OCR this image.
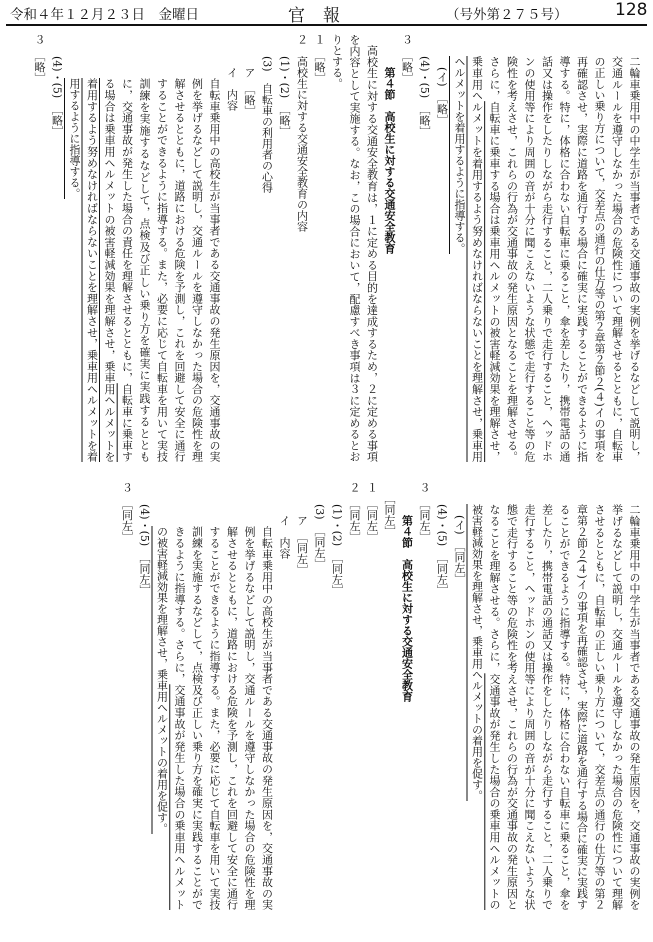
令和４年１２月２３日　金曜日	官報	（号外第２７５号）	128

二輪車乗用中の中学生が当事者である交通事故の実例を挙げるなどして説明し，交通ルールを遵守しなかった場合の危険性について理解させるとともに，自転車の正しい乗り方について，交差点の通行の仕方等の第２章第２節２(４)イの事項を再確認させ，実際に道路を通行する場合に確実に実践することができるように指導する。特に，体格に合わない自転車に乗ること，傘を差したり，携帯電話の通話又は操作をしたりしながら走行すること，二人乗りで走行すること，ヘッドホンの使用等により周囲の音が十分に聞こえないような状態で走行すること等の危険性を考えさせ，これらの行為が交通事故の発生原因となることを理解させる。さらに，自転車に乗車する場合は乗車用ヘルメットの被害軽減効果を理解させ，乗車用ヘルメットを着用するよう努めなければならないことを理解させ，乗車用ヘルメットを着用するように指導する。

(イ)　［略］

(4)・(5)　［略］

３　［略］

第４節　高校生に対する交通安全教育

高校生に対する交通安全教育は，１に定める目的を達成するため，２に定める事項を内容として実施する。なお，この場合において，配慮すべき事項は３に定めるとおりとする。

１　［略］

２　高校生に対する交通安全教育の内容

(1)・(2)　［略］

(3)　自転車の利用者の心得

ア　［略］

イ　内容

自転車乗用中の高校生が当事者である交通事故の発生原因を，交通事故の実例を挙げるなどして説明し，交通ルールを遵守しなかった場合の危険性を理解させるとともに，道路における危険を予測し，これを回避して安全に通行することができるように指導する。また，必要に応じて自転車を用いて実技訓練を実施するなどして，点検及び正しい乗り方を確実に実践するとともに，交通事故が発生した場合の責任を理解させるとともに，自転車に乗車する場合は乗車用ヘルメットの被害軽減効果を理解させ，乗車用ヘルメットを着用するよう努めなければならないことを理解させ，乗車用ヘルメットを着用するように指導する。

(4)・(5)　［略］

３　［略］

二輪車乗用中の中学生が当事者である交通事故の発生原因を，交通事故の実例を挙げるなどして説明し，交通ルールを遵守しなかった場合の危険性について理解させるとともに，自転車の正しい乗り方について，交差点の通行の仕方等の第２章第２節２(４)イの事項を再確認させ，実際に道路を通行する場合に確実に実践することができるように指導する。特に，体格に合わない自転車に乗ること，傘を差したり，携帯電話の通話又は操作をしたりしながら走行すること，二人乗りで走行すること，ヘッドホンの使用等により周囲の音が十分に聞こえないような状態で走行すること等の危険性を考えさせ，これらの行為が交通事故の発生原因となることを理解させる。さらに，交通事故が発生した場合の乗車用ヘルメットの被害軽減効果を理解させ，乗車用ヘルメットの着用を促す。

(イ)　［同左］

(4)・(5)　［同左］

３　［同左］

第４節　高校生に対する交通安全教育

［同左］

１　［同左］

２　［同左］

(1)・(2)　［同左］

(3)　［同左］

ア　［同左］

イ　内容

自転車乗用中の高校生が当事者である交通事故の発生原因を，交通事故の実例を挙げるなどして説明し，交通ルールを遵守しなかった場合の危険性を理解させるとともに，道路における危険を予測し，これを回避して安全に通行することができるように指導する。また，必要に応じて自転車を用いて実技訓練を実施するなどして，点検及び正しい乗り方を確実に実践することができるように指導する。さらに，交通事故が発生した場合の乗車用ヘルメットの被害軽減効果を理解させ，乗車用ヘルメットの着用を促す。

(4)・(5)　［同左］

３　［同左］
